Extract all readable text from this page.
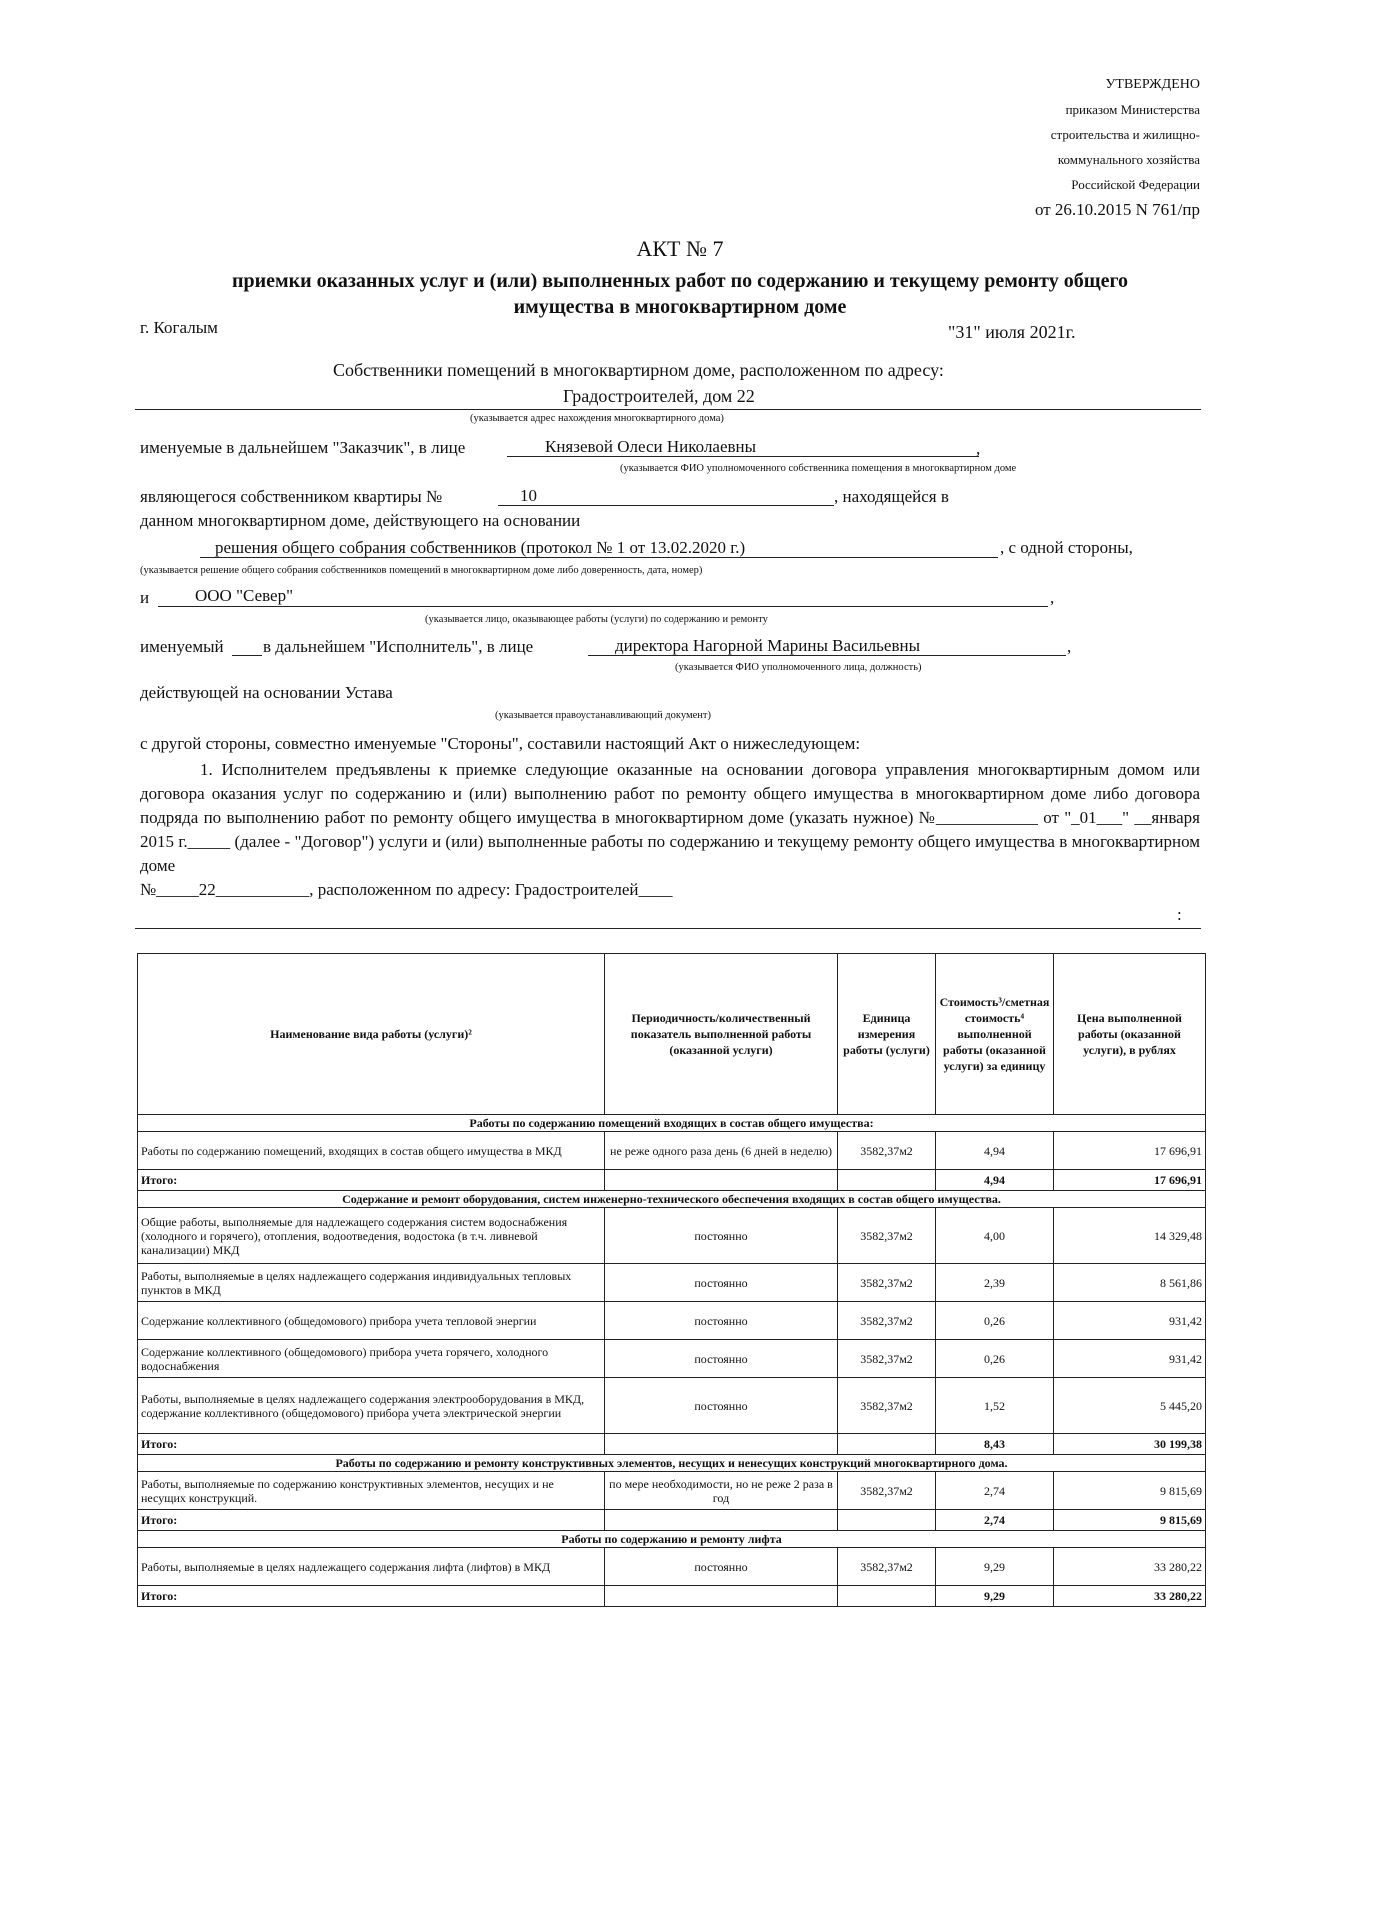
УТВЕРЖДЕНО
приказом Министерства
строительства и жилищно-
коммунального хозяйства
Российской Федерации
от 26.10.2015 N 761/пр
АКТ № 7
приемки оказанных услуг и (или) выполненных работ по содержанию и текущему ремонту общего
имущества в многоквартирном доме
г. Когалым	"31" июля 2021г.
Собственники помещений в многоквартирном доме, расположенном по адресу:
Градостроителей, дом 22
(указывается адрес нахождения многоквартирного дома)
именуемые в дальнейшем "Заказчик", в лице	Князевой Олеси Николаевны	,
(указывается ФИО уполномоченного собственника помещения в многоквартирном доме
являющегося собственником квартиры №	10	, находящейся в
данном многоквартирном доме, действующего на основании
решения общего собрания собственников (протокол № 1 от 13.02.2020 г.)	, с одной стороны,
(указывается решение общего собрания собственников помещений в многоквартирном доме либо доверенность, дата, номер)
и	ООО "Север"	,
(указывается лицо, оказывающее работы (услуги) по содержанию и ремонту
именуемый в дальнейшем "Исполнитель", в лице	директора Нагорной Марины Васильевны	,
(указывается ФИО уполномоченного лица, должность)
действующей на основании Устава
(указывается правоустанавливающий документ)
с другой стороны, совместно именуемые "Стороны", составили настоящий Акт о нижеследующем:

1. Исполнителем предъявлены к приемке следующие оказанные на основании договора управления многоквартирным домом или договора оказания услуг по содержанию и (или) выполнению работ по ремонту общего имущества в многоквартирном доме либо договора подряда по выполнению работ по ремонту общего имущества в многоквартирном доме (указать нужное) №____________ от "_01___" __января 2015 г._____ (далее - "Договор") услуги и (или) выполненные работы по содержанию и текущему ремонту общего имущества в многоквартирном доме

№_____22___________, расположенном по адресу: Градостроителей____

:
Наименование вида работы (услуги)²	Периодичность/количественный показатель выполненной работы (оказанной услуги)	Единица измерения работы (услуги)	Стоимость³/сметная стоимость⁴ выполненной работы (оказанной услуги) за единицу	Цена выполненной работы (оказанной услуги), в рублях
Работы по содержанию помещений входящих в состав общего имущества:				
Работы по содержанию помещений, входящих в состав общего имущества в МКД	не реже одного раза день (6 дней в неделю)	3582,37м2	4,94	17 696,91
Итого:			4,94	17 696,91
Содержание и ремонт оборудования, систем инженерно-технического обеспечения входящих в состав общего имущества.				
Общие работы, выполняемые для надлежащего содержания систем водоснабжения (холодного и горячего), отопления, водоотведения, водостока (в т.ч. ливневой канализации) МКД	постоянно	3582,37м2	4,00	14 329,48
Работы, выполняемые в целях надлежащего содержания индивидуальных тепловых пунктов в МКД	постоянно	3582,37м2	2,39	8 561,86
Содержание коллективного (общедомового) прибора учета тепловой энергии	постоянно	3582,37м2	0,26	931,42
Содержание коллективного (общедомового) прибора учета горячего, холодного водоснабжения	постоянно	3582,37м2	0,26	931,42
Работы, выполняемые в целях надлежащего содержания электрооборудования в МКД, содержание коллективного (общедомового) прибора учета электрической энергии	постоянно	3582,37м2	1,52	5 445,20
Итого:			8,43	30 199,38
Работы по содержанию и ремонту конструктивных элементов, несущих и ненесущих конструкций многоквартирного дома.				
Работы, выполняемые по содержанию конструктивных элементов, несущих и не несущих конструкций.	по мере необходимости, но не реже 2 раза в год	3582,37м2	2,74	9 815,69
Итого:			2,74	9 815,69
Работы по содержанию и ремонту лифта				
Работы, выполняемые в целях надлежащего содержания лифта (лифтов) в МКД	постоянно	3582,37м2	9,29	33 280,22
Итого:			9,29	33 280,22
